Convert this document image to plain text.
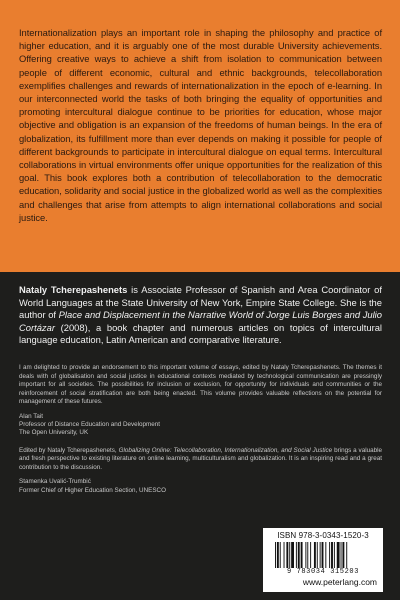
Internationalization plays an important role in shaping the philosophy and practice of higher education, and it is arguably one of the most durable University achievements. Offering creative ways to achieve a shift from isolation to communication between people of different economic, cultural and ethnic backgrounds, telecollaboration exemplifies challenges and rewards of internationalization in the epoch of e-learning. In our interconnected world the tasks of both bringing the equality of opportunities and promoting intercultural dialogue continue to be priorities for education, whose major objective and obligation is an expansion of the freedoms of human beings. In the era of globalization, its fulfillment more than ever depends on making it possible for people of different backgrounds to participate in intercultural dialogue on equal terms. Intercultural collaborations in virtual environments offer unique opportunities for the realization of this goal. This book explores both a contribution of telecollaboration to the democratic education, solidarity and social justice in the globalized world as well as the complexities and challenges that arise from attempts to align international collaborations and social justice.

Nataly Tcherepashenets is Associate Professor of Spanish and Area Coordinator of World Languages at the State University of New York, Empire State College. She is the author of Place and Displacement in the Narrative World of Jorge Luis Borges and Julio Cortázar (2008), a book chapter and numerous articles on topics of intercultural language education, Latin American and comparative literature.

I am delighted to provide an endorsement to this important volume of essays, edited by Nataly Tcherepashenets. The themes it deals with of globalisation and social justice in educational contexts mediated by technological communication are pressingly important for all societies. The possibilities for inclusion or exclusion, for opportunity for individuals and communities or the reinforcement of social stratification are both being enacted. This volume provides valuable reflections on the potential for management of these futures.

Alan Tait

Professor of Distance Education and Development

The Open University, UK

Edited by Nataly Tcherepashenets, Globalizing Online: Telecollaboration, Internationalization, and Social Justice brings a valuable and fresh perspective to existing literature on online learning, multiculturalism and globalization. It is an inspiring read and a great contribution to the discussion.

Stamenka Uvalić-Trumbić

Former Chief of Higher Education Section, UNESCO

ISBN 978-3-0343-1520-3
9 783034 315203
www.peterlang.com
